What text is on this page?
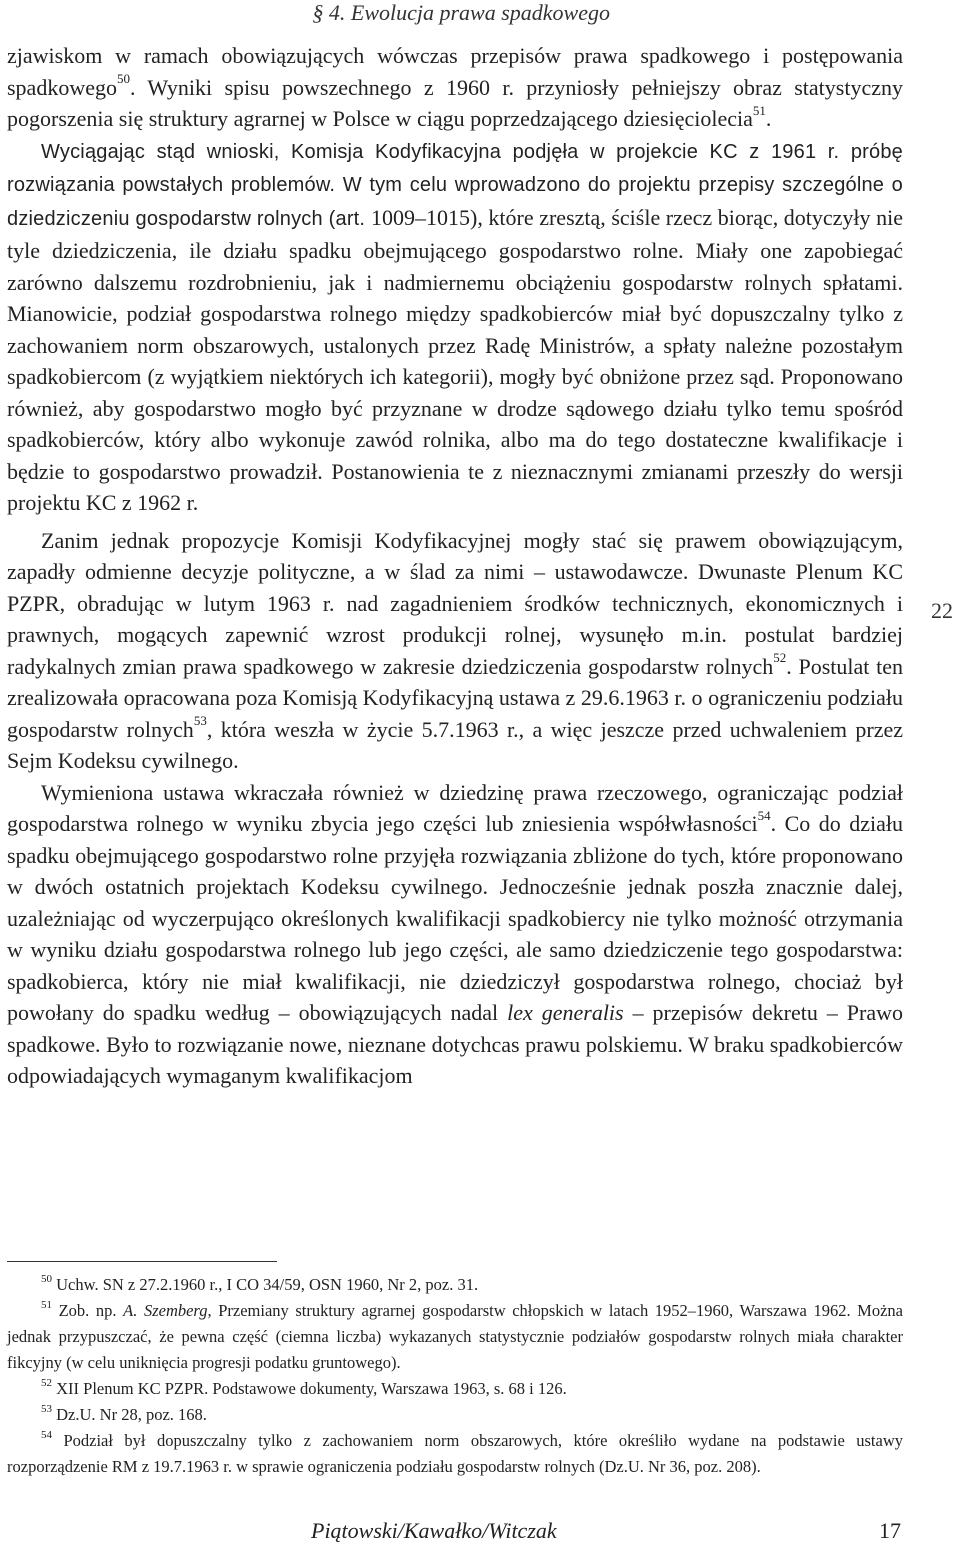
§ 4. Ewolucja prawa spadkowego
22

zjawiskom w ramach obowiązujących wówczas przepisów prawa spadkowego i postępowania spadkowego$^{50}$. Wyniki spisu powszechnego z 1960 r. przyniosły pełniejszy obraz statystyczny pogorszenia się struktury agrarnej w Polsce w ciągu poprzedzającego dziesięciolecia$^{51}$.

Wyciągając stąd wnioski, Komisja Kodyfikacyjna podjęła w projekcie KC z 1961 r. próbę rozwiązania powstałych problemów. W tym celu wprowadzono do projektu przepisy szczególne o dziedziczeniu gospodarstw rolnych (art. 1009–1015), które zresztą, ściśle rzecz biorąc, dotyczyły nie tyle dziedziczenia, ile działu spadku obejmującego gospodarstwo rolne. Miały one zapobiegać zarówno dalszemu rozdrobnieniu, jak i nadmiernemu obciążeniu gospodarstw rolnych spłatami. Mianowicie, podział gospodarstwa rolnego między spadkobierców miał być dopuszczalny tylko z zachowaniem norm obszarowych, ustalonych przez Radę Ministrów, a spłaty należne pozostałym spadkobiercom (z wyjątkiem niektórych ich kategorii), mogły być obniżone przez sąd. Proponowano również, aby gospodarstwo mogło być przyznane w drodze sądowego działu tylko temu spośród spadkobierców, który albo wykonuje zawód rolnika, albo ma do tego dostateczne kwalifikacje i będzie to gospodarstwo prowadził. Postanowienia te z nieznacznymi zmianami przeszły do wersji projektu KC z 1962 r.

Zanim jednak propozycje Komisji Kodyfikacyjnej mogły stać się prawem obowiązującym, zapadły odmienne decyzje polityczne, a w ślad za nimi – ustawodawcze. Dwunaste Plenum KC PZPR, obradując w lutym 1963 r. nad zagadnieniem środków technicznych, ekonomicznych i prawnych, mogących zapewnić wzrost produkcji rolnej, wysunęło m.in. postulat bardziej radykalnych zmian prawa spadkowego w zakresie dziedziczenia gospodarstw rolnych$^{52}$. Postulat ten zrealizowała opracowana poza Komisją Kodyfikacyjną ustawa z 29.6.1963 r. o ograniczeniu podziału gospodarstw rolnych$^{53}$, która weszła w życie 5.7.1963 r., a więc jeszcze przed uchwaleniem przez Sejm Kodeksu cywilnego.

Wymieniona ustawa wkraczała również w dziedzinę prawa rzeczowego, ograniczając podział gospodarstwa rolnego w wyniku zbycia jego części lub zniesienia współwłasności$^{54}$. Co do działu spadku obejmującego gospodarstwo rolne przyjęła rozwiązania zbliżone do tych, które proponowano w dwóch ostatnich projektach Kodeksu cywilnego. Jednocześnie jednak poszła znacznie dalej, uzależniając od wyczerpująco określonych kwalifikacji spadkobiercy nie tylko możność otrzymania w wyniku działu gospodarstwa rolnego lub jego części, ale samo dziedziczenie tego gospodarstwa: spadkobierca, który nie miał kwalifikacji, nie dziedziczył gospodarstwa rolnego, chociaż był powołany do spadku według – obowiązujących nadal lex generalis – przepisów dekretu – Prawo spadkowe. Było to rozwiązanie nowe, nieznane dotychcas prawu polskiemu. W braku spadkobierców odpowiadających wymaganym kwalifikacjom

$^{50}$ Uchw. SN z 27.2.1960 r., I CO 34/59, OSN 1960, Nr 2, poz. 31.

$^{51}$ Zob. np. A. Szemberg, Przemiany struktury agrarnej gospodarstw chłopskich w latach 1952–1960, Warszawa 1962. Można jednak przypuszczać, że pewna część (ciemna liczba) wykazanych statystycznie podziałów gospodarstw rolnych miała charakter fikcyjny (w celu uniknięcia progresji podatku gruntowego).

$^{52}$ XII Plenum KC PZPR. Podstawowe dokumenty, Warszawa 1963, s. 68 i 126.

$^{53}$ Dz.U. Nr 28, poz. 168.

$^{54}$ Podział był dopuszczalny tylko z zachowaniem norm obszarowych, które określiło wydane na podstawie ustawy rozporządzenie RM z 19.7.1963 r. w sprawie ograniczenia podziału gospodarstw rolnych (Dz.U. Nr 36, poz. 208).

Piątowski/Kawałko/Witczak	17
